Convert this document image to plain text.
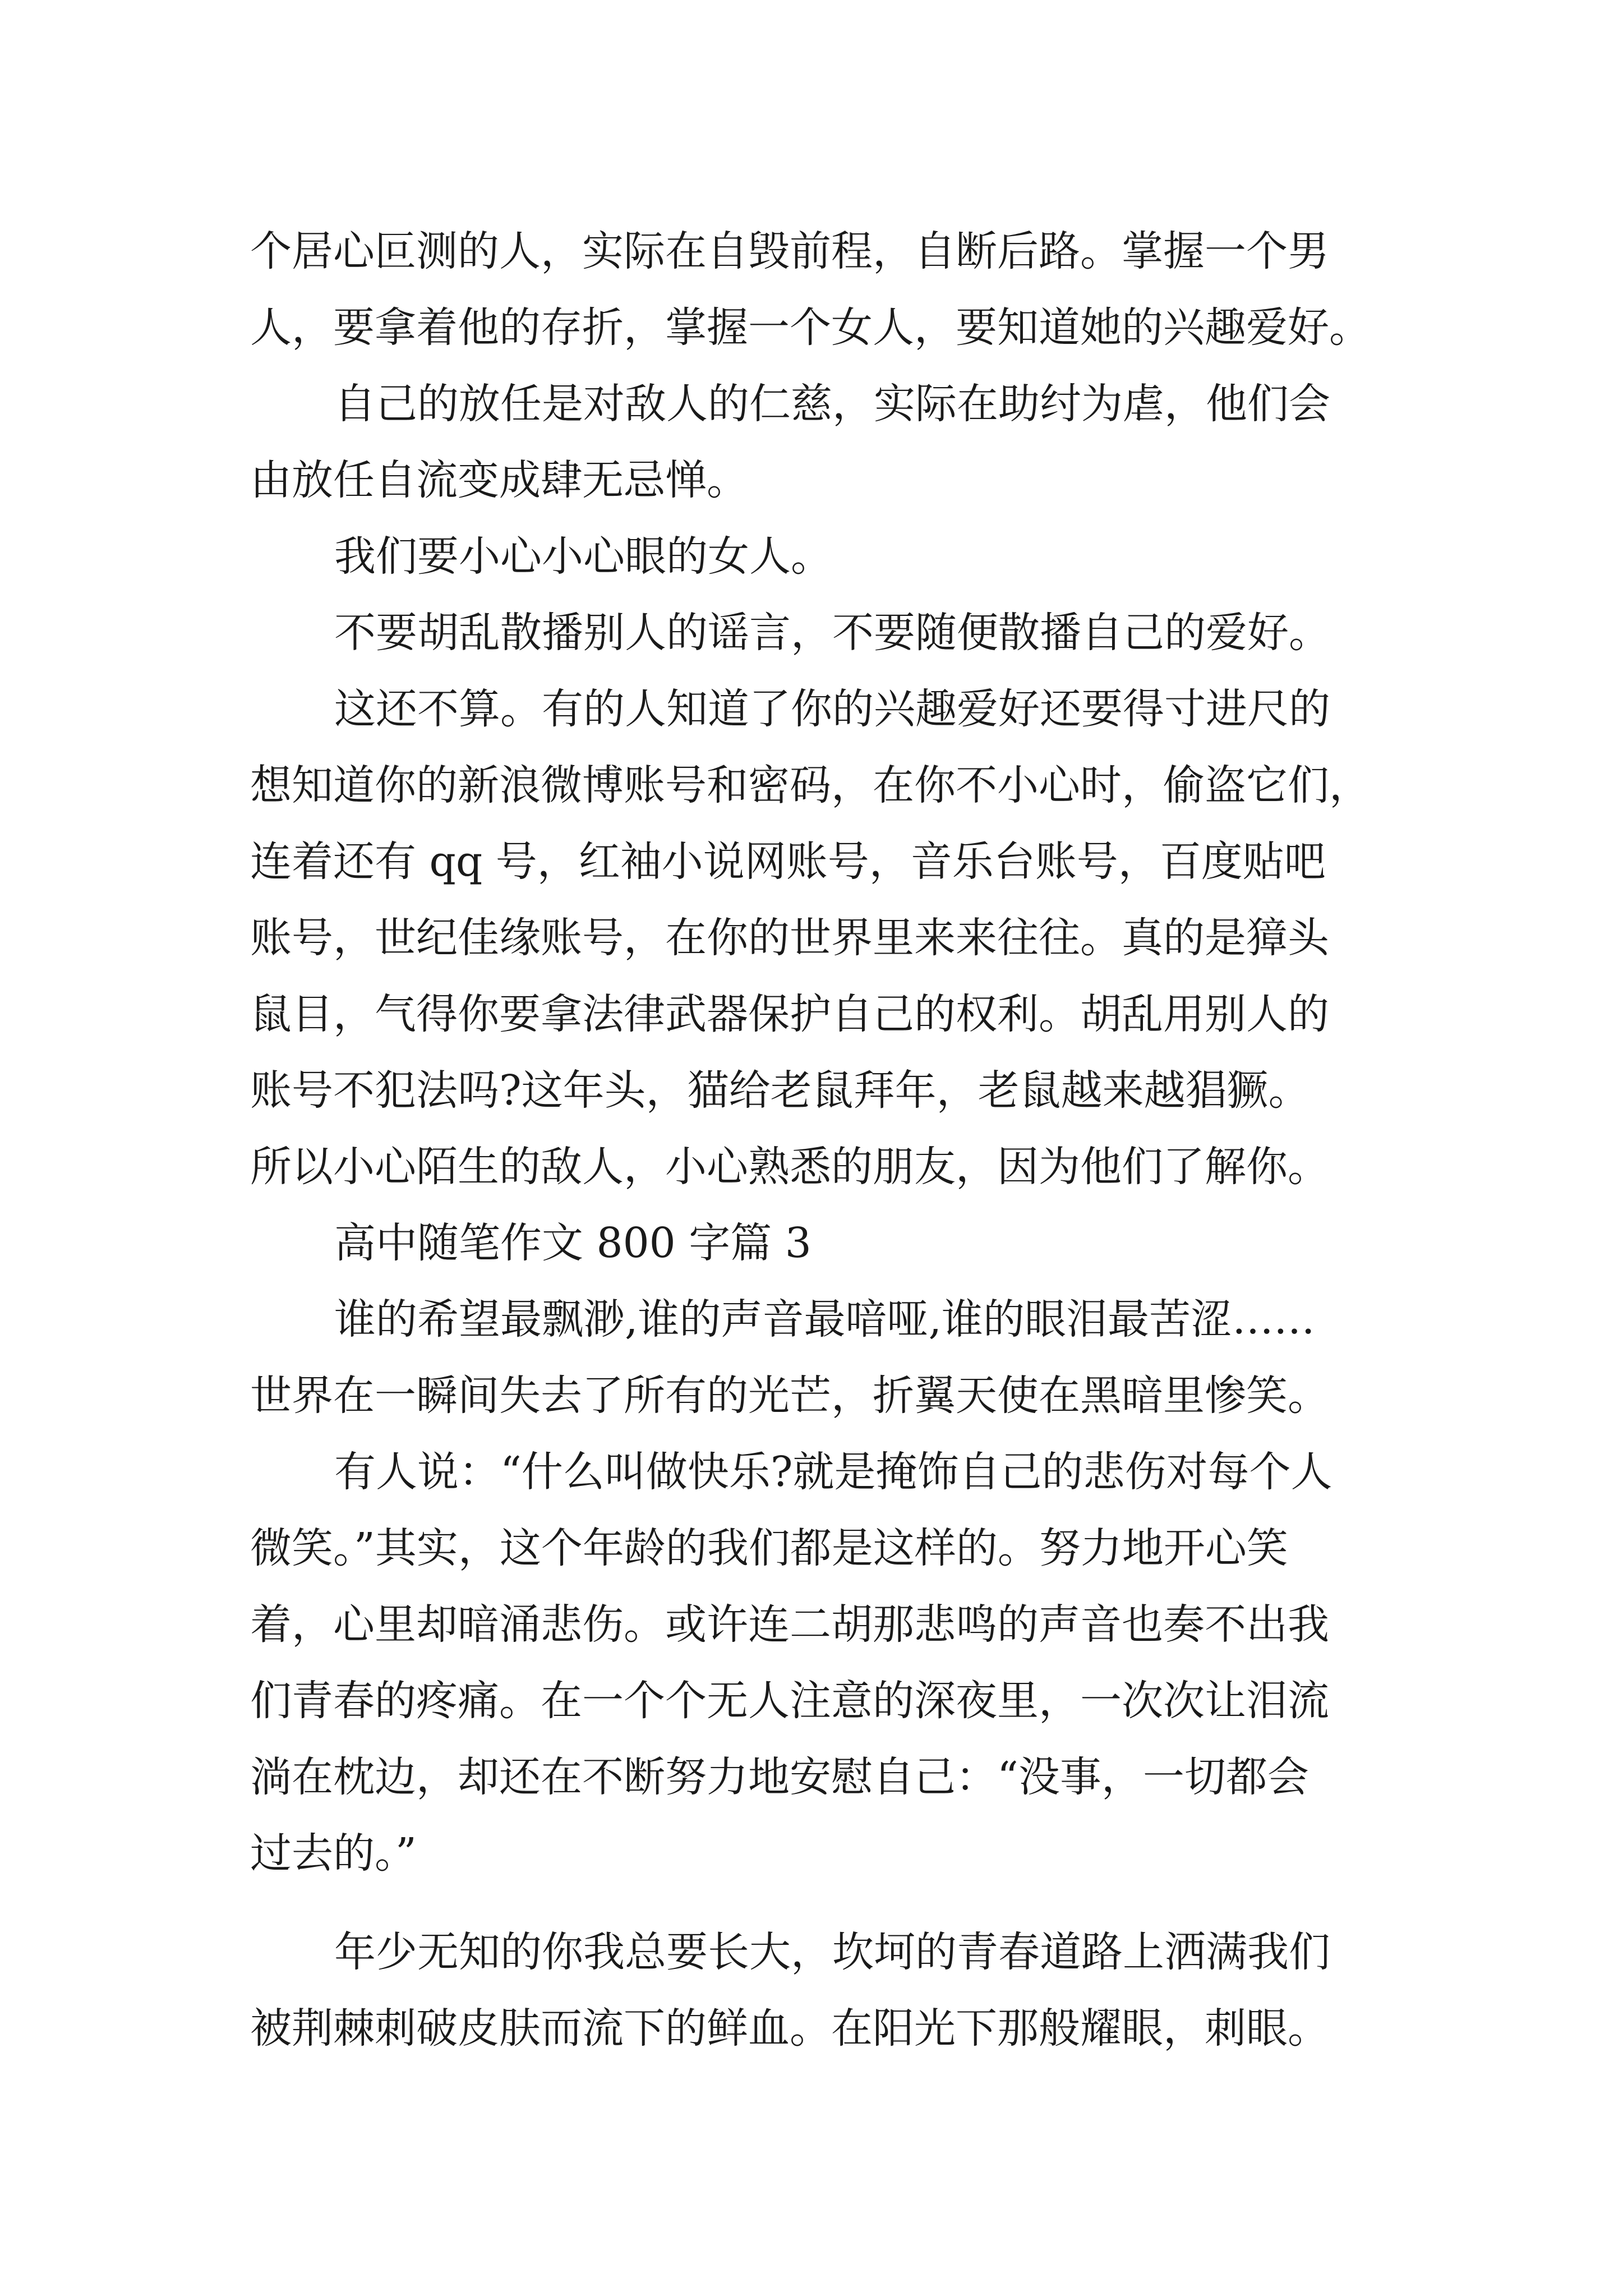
个居心叵测的人，实际在自毁前程，自断后路。掌握一个男
人，要拿着他的存折，掌握一个女人，要知道她的兴趣爱好。
自己的放任是对敌人的仁慈，实际在助纣为虐，他们会
由放任自流变成肆无忌惮。
我们要小心小心眼的女人。
不要胡乱散播别人的谣言，不要随便散播自己的爱好。
这还不算。有的人知道了你的兴趣爱好还要得寸进尺的
想知道你的新浪微博账号和密码，在你不小心时，偷盗它们，
连着还有 qq 号，红袖小说网账号，音乐台账号，百度贴吧
账号，世纪佳缘账号，在你的世界里来来往往。真的是獐头
鼠目，气得你要拿法律武器保护自己的权利。胡乱用别人的
账号不犯法吗?这年头，猫给老鼠拜年，老鼠越来越猖獗。
所以小心陌生的敌人，小心熟悉的朋友，因为他们了解你。
高中随笔作文 800 字篇 3
谁的希望最飘渺,谁的声音最喑哑,谁的眼泪最苦涩……
世界在一瞬间失去了所有的光芒，折翼天使在黑暗里惨笑。
有人说：“什么叫做快乐?就是掩饰自己的悲伤对每个人
微笑。”其实，这个年龄的我们都是这样的。努力地开心笑
着，心里却暗涌悲伤。或许连二胡那悲鸣的声音也奏不出我
们青春的疼痛。在一个个无人注意的深夜里，一次次让泪流
淌在枕边，却还在不断努力地安慰自己：“没事，一切都会
过去的。”
年少无知的你我总要长大，坎坷的青春道路上洒满我们
被荆棘刺破皮肤而流下的鲜血。在阳光下那般耀眼，刺眼。
